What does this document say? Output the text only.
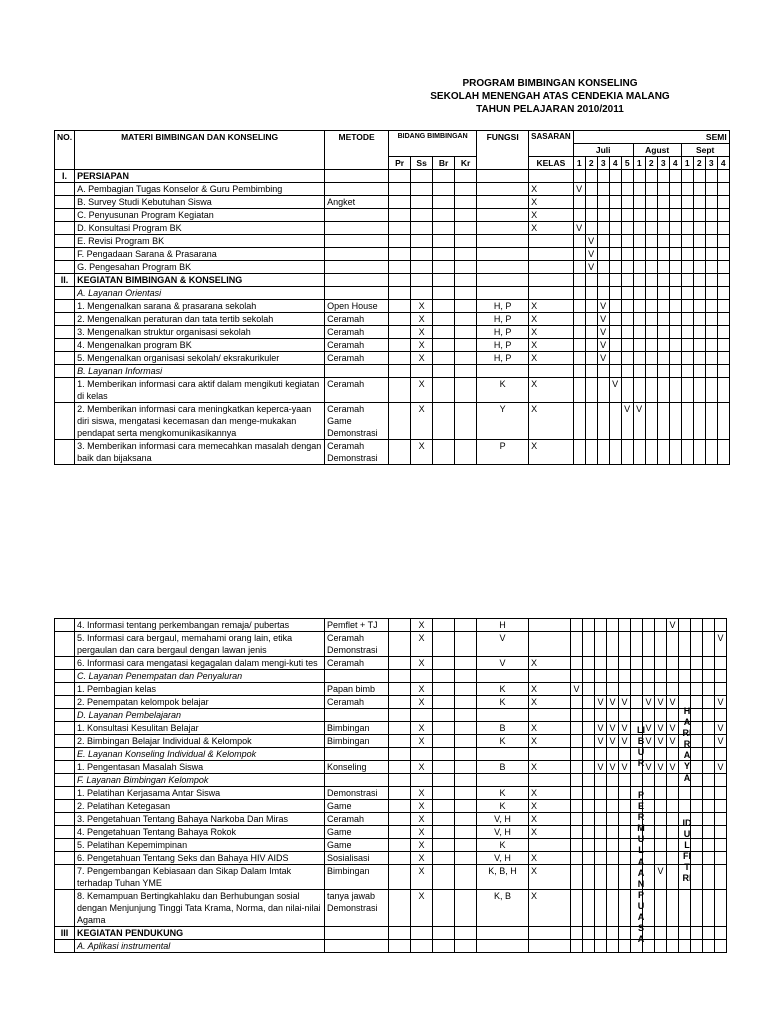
PROGRAM BIMBINGAN KONSELING
SEKOLAH MENENGAH ATAS CENDEKIA MALANG
TAHUN PELAJARAN 2010/2011
NO.	MATERI BIMBINGAN DAN KONSELING	METODE	BIDANG BIMBINGAN				FUNGSI	SASARAN	SEMI												
									Juli					Agust				Sept			
			Pr	Ss	Br	Kr		KELAS	1	2	3	4	5	1	2	3	4	1	2	3	4
I.	PERSIAPAN																				
	A. Pembagian Tugas Konselor & Guru Pembimbing							X	V												
	B. Survey Studi Kebutuhan Siswa	Angket						X													
	C. Penyusunan Program Kegiatan							X													
	D. Konsultasi Program BK							X	V												
	E. Revisi Program BK									V											
	F. Pengadaan Sarana & Prasarana									V											
	G. Pengesahan Program BK									V											
II.	KEGIATAN BIMBINGAN & KONSELING																				
	A. Layanan Orientasi																				
	1. Mengenalkan sarana & prasarana sekolah	Open House		X			H, P	X			V										
	2. Mengenalkan peraturan dan tata tertib sekolah	Ceramah		X			H, P	X			V										
	3. Mengenalkan struktur organisasi sekolah	Ceramah		X			H, P	X			V										
	4. Mengenalkan program BK	Ceramah		X			H, P	X			V										
	5. Mengenalkan organisasi sekolah/ eksrakurikuler	Ceramah		X			H, P	X			V										
	B. Layanan Informasi																				
	1. Memberikan informasi cara aktif dalam mengikuti kegiatan di kelas	Ceramah		X			K	X				V									
	2. Memberikan informasi cara meningkatkan keperca-yaan diri siswa, mengatasi kecemasan dan menge-mukakan pendapat serta mengkomunikasikannya	Ceramah Game Demonstrasi		X			Y	X					V	V							
	3. Memberikan informasi cara memecahkan masalah dengan baik dan bijaksana	Ceramah Demonstrasi		X			P	X													
	4. Informasi tentang perkembangan remaja/ pubertas	Pemflet + TJ		X			H										V				
	5. Informasi cara bergaul, memahami orang lain, etika pergaulan dan cara bergaul dengan lawan jenis	Ceramah Demonstrasi		X			V														V
	6. Informasi cara mengatasi kegagalan dalam mengi-kuti tes	Ceramah		X			V	X													
	C. Layanan Penempatan dan Penyaluran																				
	1. Pembagian kelas	Papan bimb		X			K	X	V												
	2. Penempatan kelompok belajar	Ceramah		X			K	X			V	V	V		V	V	V				V
	D. Layanan Pembelajaran																				
	1. Konsultasi Kesulitan Belajar	Bimbingan		X			B	X			V	V	V		V	V	V				V
	2. Bimbingan Belajar Individual & Kelompok	Bimbingan		X			K	X			V	V	V		V	V	V				V
	E. Layanan Konseling Individual & Kelompok																				
	1. Pengentasan Masalah Siswa	Konseling		X			B	X			V	V	V		V	V	V				V
	F. Layanan Bimbingan Kelompok																				
	1. Pelatihan Kerjasama Antar Siswa	Demonstrasi		X			K	X													
	2. Pelatihan Ketegasan	Game		X			K	X													
	3. Pengetahuan Tentang Bahaya Narkoba Dan Miras	Ceramah		X			V, H	X													
	4. Pengetahuan Tentang Bahaya Rokok	Game		X			V, H	X													
	5. Pelatihan Kepemimpinan	Game		X			K														
	6. Pengetahuan Tentang Seks dan Bahaya HIV AIDS	Sosialisasi		X			V, H	X													
	7. Pengembangan Kebiasaan dan Sikap Dalam Imtak terhadap Tuhan YME	Bimbingan		X			K, B, H	X								V					
	8. Kemampuan Bertingkahlaku dan Berhubungan sosial dengan Menjunjung Tinggi Tata Krama, Norma, dan nilai-nilai Agama	tanya jawab Demonstrasi		X			K, B	X													
III	KEGIATAN PENDUKUNG																				
	A. Aplikasi instrumental																				
LIBUR
PERMULAAN PUASA
HARI RAYA
IDUL FITRI
